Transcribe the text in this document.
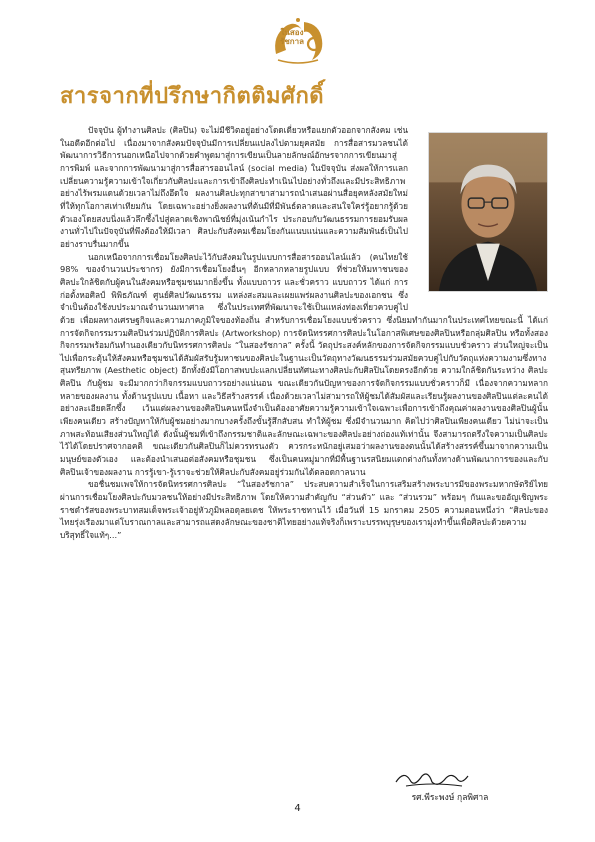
ในสองรัชกาล
สารจากที่ปรึกษากิตติมศักดิ์

ปัจจุบัน ผู้ทำงานศิลปะ (ศิลปิน) จะไม่มีชีวิตอยู่อย่างโดดเดี่ยวหรือแยกตัวออกจากสังคม เช่น ในอดีตอีกต่อไป เนื่องมาจากสังคมปัจจุบันมีการเปลี่ยนแปลงไปตามยุคสมัย การสื่อสารมวลชนได้พัฒนาการวิธีการนอกเหนือไปจากด้วยคำพูดมาสู่การเขียนเป็นลายลักษณ์อักษรจากการเขียนมาสู่การพิมพ์ และจากการพัฒนามาสู่การสื่อสารออนไลน์ (social media) ในปัจจุบัน ส่งผลให้การแลกเปลี่ยนความรู้ความเข้าใจเกี่ยวกับศิลปะและการเข้าถึงศิลปะทำเนินไปอย่างทั่วถึงและมีประสิทธิภาพอย่างไร้พรมแดนด้วยเวลาไม่ถึงอึดใจ ผลงานศิลปะทุกสาขาสามารถนำเสนอผ่านสื่อยุคหลังสมัยใหม่ที่ให้ทุกโอกาสเท่าเทียมกัน โดยเฉพาะอย่างยิ่งผลงานที่ต้นมีที่มีพันธ์ตลาดและสนใจใคร่รู้อยากรู้ด้วยตัวเองโดยสงบนิ่งแล้วลึกซึ้งไปสู่ตลาดเชิงพาณิชย์ที่มุ่งเน้นกำไร ประกอบกับวัฒนธรรมการยอมรับผลงานทั่วไปในปัจจุบันที่พึงต้องให้มีเวลา ศิลปะกับสังคมเชื่อมโยงกันแนบแน่นและความสัมพันธ์เป็นไปอย่างราบรื่นมากขึ้น

นอกเหนือจากการเชื่อมโยงศิลปะไว้กับสังคมในรูปแบบการสื่อสารออนไลน์แล้ว (คนไทยใช้ 98% ของจำนวนประชากร) ยังมีการเชื่อมโยงอื่นๆ อีกหลากหลายรูปแบบ ที่ช่วยให้มหาชนของศิลปะใกล้ชิดกับผู้คนในสังคมหรือชุมชนมากยิ่งขึ้น ทั้งแบบถาวร และชั่วคราว แบบถาวร ได้แก่ การก่อตั้งหอศิลป์ พิพิธภัณฑ์ ศูนย์ศิลปวัฒนธรรม แหล่งสะสมและเผยแพร่ผลงานศิลปะของเอกชน ซึ่งจำเป็นต้องใช้งบประมาณจำนวนมหาศาล ซึ่งในประเทศที่พัฒนาจะใช้เป็นแหล่งท่องเที่ยวควบคู่ไปด้วย เพื่อผลทางเศรษฐกิจและความภาคภูมิใจของท้องถิ่น สำหรับการเชื่อมโยงแบบชั่วคราว ซึ่งนิยมทำกันมากในประเทศไทยขณะนี้ ได้แก่ การจัดกิจกรรมรวมศิลปินร่วมปฏิบัติการศิลปะ (Artworkshop) การจัดนิทรรศการศิลปะในโอกาสพิเศษของศิลปินหรือกลุ่มศิลปิน หรือทั้งสองกิจกรรมพร้อมกันทำนองเดียวกับนิทรรศการศิลปะ “ในสองรัชกาล” ครั้งนี้ วัตถุประสงค์หลักของการจัดกิจกรรมแบบชั่วคราว ส่วนใหญ่จะเป็นไปเพื่อกระตุ้นให้สังคมหรือชุมชนได้สัมผัสรับรู้มหาชนของศิลปะในฐานะเป็นวัตถุทางวัฒนธรรมร่วมสมัยควบคู่ไปกับวัตถุแห่งความงามซึ่งทางสุนทรียภาพ (Aesthetic object) อีกทั้งยังมีโอกาสพบปะแลกเปลี่ยนทัศนะทางศิลปะกับศิลปินโดยตรงอีกด้วย ความใกล้ชิดกันระหว่าง ศิลปะ ศิลปิน กับผู้ชม จะมีมากกว่ากิจกรรมแบบถาวรอย่างแน่นอน ขณะเดียวกันปัญหาของการจัดกิจกรรมแบบชั่วคราวก็มี เนื่องจากความหลากหลายของผลงาน ทั้งด้านรูปแบบ เนื้อหา และวิธีสร้างสรรค์ เนื่องด้วยเวลาไม่สามารถให้ผู้ชมได้สัมผัสและเรียนรู้ผลงานของศิลปินแต่ละคนได้อย่างละเอียดลึกซึ้ง เว้นแต่ผลงานของศิลปินคนหนึ่งจำเป็นต้องอาศัยความรู้ความเข้าใจเฉพาะเพื่อการเข้าถึงคุณค่าผลงานของศิลปินผู้นั้นเพียงคนเดียว สร้างปัญหาให้กับผู้ชมอย่างมากบางครั้งถึงขั้นรู้สึกสับสน ทำให้ผู้ชม ซึ่งมีจำนวนมาก คิดไปว่าศิลปินเพียงคนเดียว ไม่น่าจะเป็นภาพสะท้อนเสียงส่วนใหญ่ได้ ดังนั้นผู้ชมที่เข้าถึงกรรมชาติและลักษณะเฉพาะของศิลปะอย่างถ่องแท้เท่านั้น จึงสามารถตรึงใจความเป็นศิลปะไว้ได้โดยปราศจากอคติ ขณะเดียวกันศิลปินก็ไม่ควรทรนงตัว ควรกระหนักอยู่เสมอว่าผลงานของตนนั้นได้สร้างสรรค์ขึ้นมาจากความเป็นมนุษย์ของตัวเอง และต้องนำเสนอต่อสังคมหรือชุมชน ซึ่งเป็นคนหมู่มากที่มีพื้นฐานรสนิยมแตกต่างกันทั้งทางด้านพัฒนาการของและกับศิลปินเจ้าของผลงาน การรู้เขา-รู้เราจะช่วยให้ศิลปะกับสังคมอยู่ร่วมกันได้ตลอดกาลนาน

ขอชื่นชมเพจให้การจัดนิทรรศการศิลปะ “ในสองรัชกาล” ประสบความสำเร็จในการเสริมสร้างพระบารมีของพระมหากษัตริย์ไทยผ่านการเชื่อมโยงศิลปะกับมวลชนให้อย่างมีประสิทธิภาพ โดยให้ความสำคัญกับ “ส่วนตัว” และ “ส่วนรวม” พร้อมๆ กันและขออัญเชิญพระราชดำรัสของพระบาทสมเด็จพระเจ้าอยู่หัวภูมิพลอดุลยเดช ให้พระราชทานไว้ เมื่อวันที่ 15 มกราคม 2505 ความตอนหนึ่งว่า “ศิลปะของไทยรุ่งเรืองมาแต่โบราณกาลและสามารถแสดงลักษณะของชาติไทยอย่างแท้จริงก็เพราะบรรพบุรุษของเรามุ่งทำขึ้นเพื่อศิลปะด้วยความบริสุทธิ์ใจแท้ๆ...”

รศ.พีระพงษ์ กุลพิศาล
4
